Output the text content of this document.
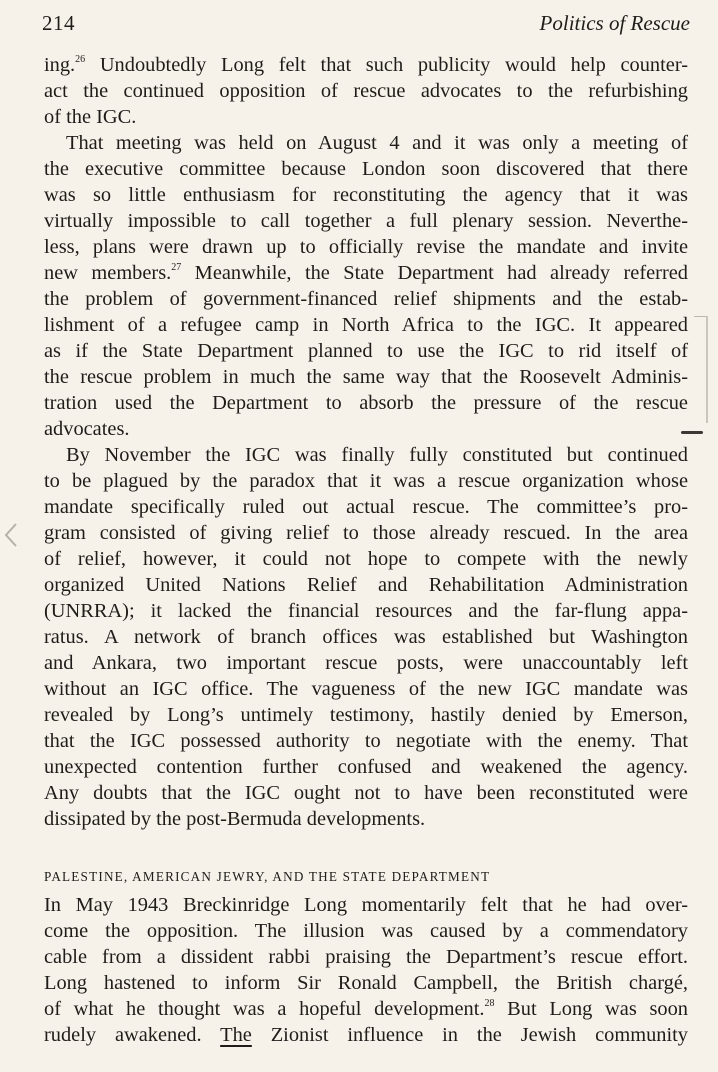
214	Politics of Rescue
ing.$^{26}$ Undoubtedly Long felt that such publicity would help counter-
act the continued opposition of rescue advocates to the refurbishing
of the IGC.
That meeting was held on August 4 and it was only a meeting of
the executive committee because London soon discovered that there
was so little enthusiasm for reconstituting the agency that it was
virtually impossible to call together a full plenary session. Neverthe-
less, plans were drawn up to officially revise the mandate and invite
new members.$^{27}$ Meanwhile, the State Department had already referred
the problem of government-financed relief shipments and the estab-
lishment of a refugee camp in North Africa to the IGC. It appeared
as if the State Department planned to use the IGC to rid itself of
the rescue problem in much the same way that the Roosevelt Adminis-
tration used the Department to absorb the pressure of the rescue
advocates.
By November the IGC was finally fully constituted but continued
to be plagued by the paradox that it was a rescue organization whose
mandate specifically ruled out actual rescue. The committee’s pro-
gram consisted of giving relief to those already rescued. In the area
of relief, however, it could not hope to compete with the newly
organized United Nations Relief and Rehabilitation Administration
(UNRRA); it lacked the financial resources and the far-flung appa-
ratus. A network of branch offices was established but Washington
and Ankara, two important rescue posts, were unaccountably left
without an IGC office. The vagueness of the new IGC mandate was
revealed by Long’s untimely testimony, hastily denied by Emerson,
that the IGC possessed authority to negotiate with the enemy. That
unexpected contention further confused and weakened the agency.
Any doubts that the IGC ought not to have been reconstituted were
dissipated by the post-Bermuda developments.
PALESTINE, AMERICAN JEWRY, AND THE STATE DEPARTMENT
In May 1943 Breckinridge Long momentarily felt that he had over-
come the opposition. The illusion was caused by a commendatory
cable from a dissident rabbi praising the Department’s rescue effort.
Long hastened to inform Sir Ronald Campbell, the British chargé,
of what he thought was a hopeful development.$^{28}$ But Long was soon
rudely awakened. The Zionist influence in the Jewish community
